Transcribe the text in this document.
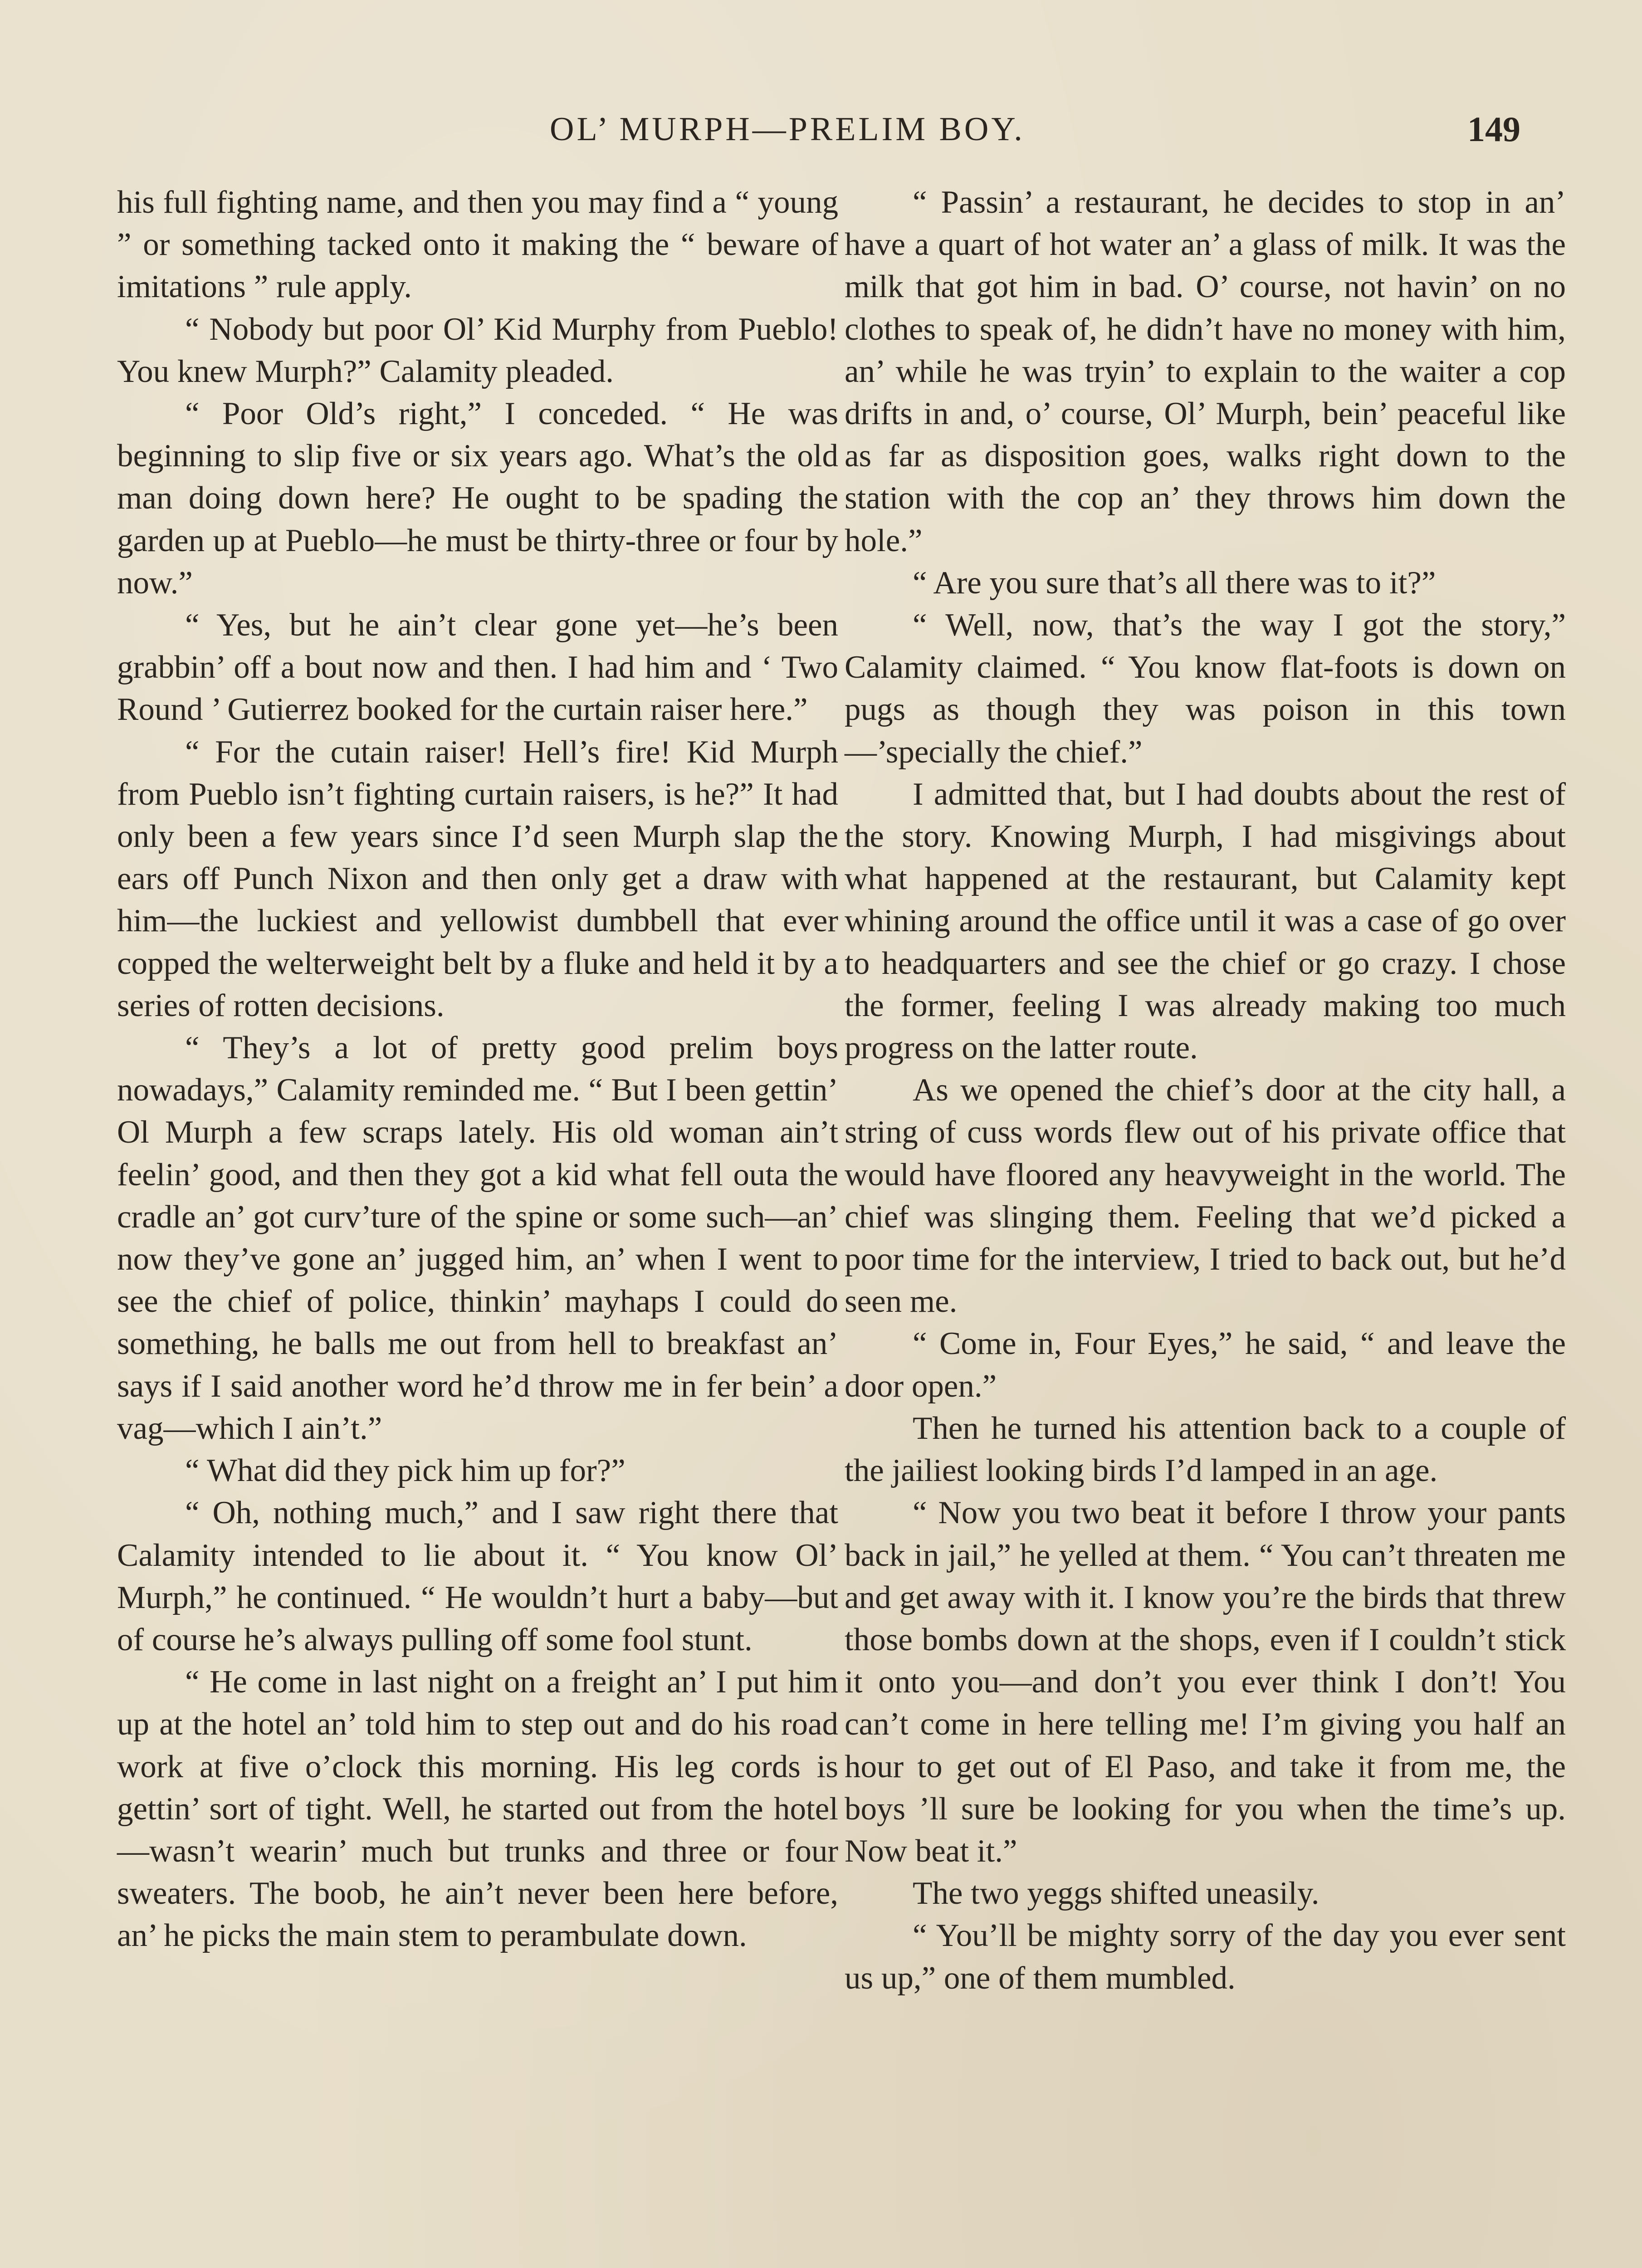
OL’ MURPH—PRELIM BOY.	149

his full fighting name, and then you may find a “ young ” or something tacked onto it making the “ beware of imitations ” rule apply.

“ Nobody but poor Ol’ Kid Murphy from Pueblo! You knew Murph?” Calamity pleaded.

“ Poor Old’s right,” I conceded. “ He was beginning to slip five or six years ago. What’s the old man doing down here? He ought to be spading the garden up at Pueblo—he must be thirty-three or four by now.”

“ Yes, but he ain’t clear gone yet—he’s been grabbin’ off a bout now and then. I had him and ‘ Two Round ’ Gutierrez booked for the curtain raiser here.”

“ For the cutain raiser! Hell’s fire! Kid Murph from Pueblo isn’t fighting curtain raisers, is he?” It had only been a few years since I’d seen Murph slap the ears off Punch Nixon and then only get a draw with him—the luckiest and yellowist dumbbell that ever copped the welterweight belt by a fluke and held it by a series of rotten decisions.

“ They’s a lot of pretty good prelim boys nowadays,” Calamity reminded me. “ But I been gettin’ Ol Murph a few scraps lately. His old woman ain’t feelin’ good, and then they got a kid what fell outa the cradle an’ got curv’ture of the spine or some such—an’ now they’ve gone an’ jugged him, an’ when I went to see the chief of police, thinkin’ mayhaps I could do something, he balls me out from hell to breakfast an’ says if I said another word he’d throw me in fer bein’ a vag—which I ain’t.”

“ What did they pick him up for?”

“ Oh, nothing much,” and I saw right there that Calamity intended to lie about it. “ You know Ol’ Murph,” he continued. “ He wouldn’t hurt a baby—but of course he’s always pulling off some fool stunt.

“ He come in last night on a freight an’ I put him up at the hotel an’ told him to step out and do his road work at five o’clock this morning. His leg cords is gettin’ sort of tight. Well, he started out from the hotel—wasn’t wearin’ much but trunks and three or four sweaters. The boob, he ain’t never been here before, an’ he picks the main stem to perambulate down.

“ Passin’ a restaurant, he decides to stop in an’ have a quart of hot water an’ a glass of milk. It was the milk that got him in bad. O’ course, not havin’ on no clothes to speak of, he didn’t have no money with him, an’ while he was tryin’ to explain to the waiter a cop drifts in and, o’ course, Ol’ Murph, bein’ peaceful like as far as disposition goes, walks right down to the station with the cop an’ they throws him down the hole.”

“ Are you sure that’s all there was to it?”

“ Well, now, that’s the way I got the story,” Calamity claimed. “ You know flat-foots is down on pugs as though they was poison in this town—’specially the chief.”

I admitted that, but I had doubts about the rest of the story. Knowing Murph, I had misgivings about what happened at the restaurant, but Calamity kept whining around the office until it was a case of go over to headquarters and see the chief or go crazy. I chose the former, feeling I was already making too much progress on the latter route.

As we opened the chief’s door at the city hall, a string of cuss words flew out of his private office that would have floored any heavyweight in the world. The chief was slinging them. Feeling that we’d picked a poor time for the interview, I tried to back out, but he’d seen me.

“ Come in, Four Eyes,” he said, “ and leave the door open.”

Then he turned his attention back to a couple of the jailiest looking birds I’d lamped in an age.

“ Now you two beat it before I throw your pants back in jail,” he yelled at them. “ You can’t threaten me and get away with it. I know you’re the birds that threw those bombs down at the shops, even if I couldn’t stick it onto you—and don’t you ever think I don’t! You can’t come in here telling me! I’m giving you half an hour to get out of El Paso, and take it from me, the boys ’ll sure be looking for you when the time’s up. Now beat it.”

The two yeggs shifted uneasily.

“ You’ll be mighty sorry of the day you ever sent us up,” one of them mumbled.
